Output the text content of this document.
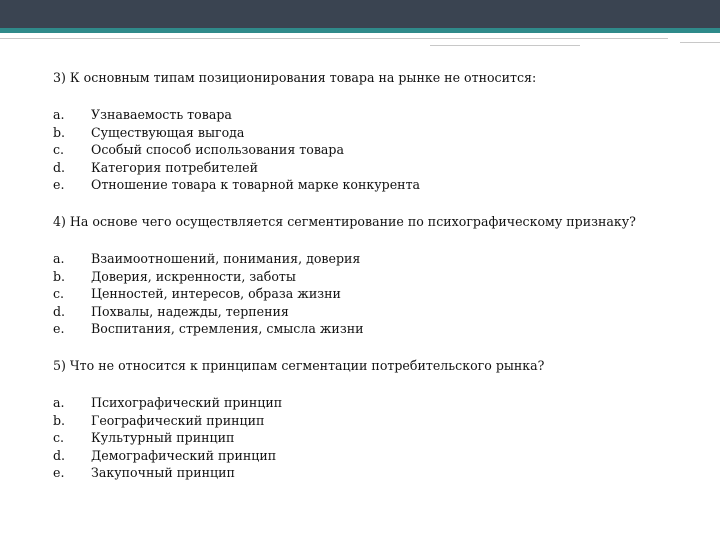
3) К основным типам позиционирования товара на рынке не относится:

a.	Узнаваемость товара
b.	Существующая выгода
c.	Особый способ использования товара
d.	Категория потребителей
e.	Отношение товара к товарной марке конкурента

4) На основе чего осуществляется сегментирование по психографическому признаку?

a.	Взаимоотношений, понимания, доверия
b.	Доверия, искренности, заботы
c.	Ценностей, интересов, образа жизни
d.	Похвалы, надежды, терпения
e.	Воспитания, стремления, смысла жизни

5) Что не относится к принципам сегментации потребительского рынка?

a.	Психографический принцип
b.	Географический принцип
c.	Культурный принцип
d.	Демографический принцип
e.	Закупочный принцип
